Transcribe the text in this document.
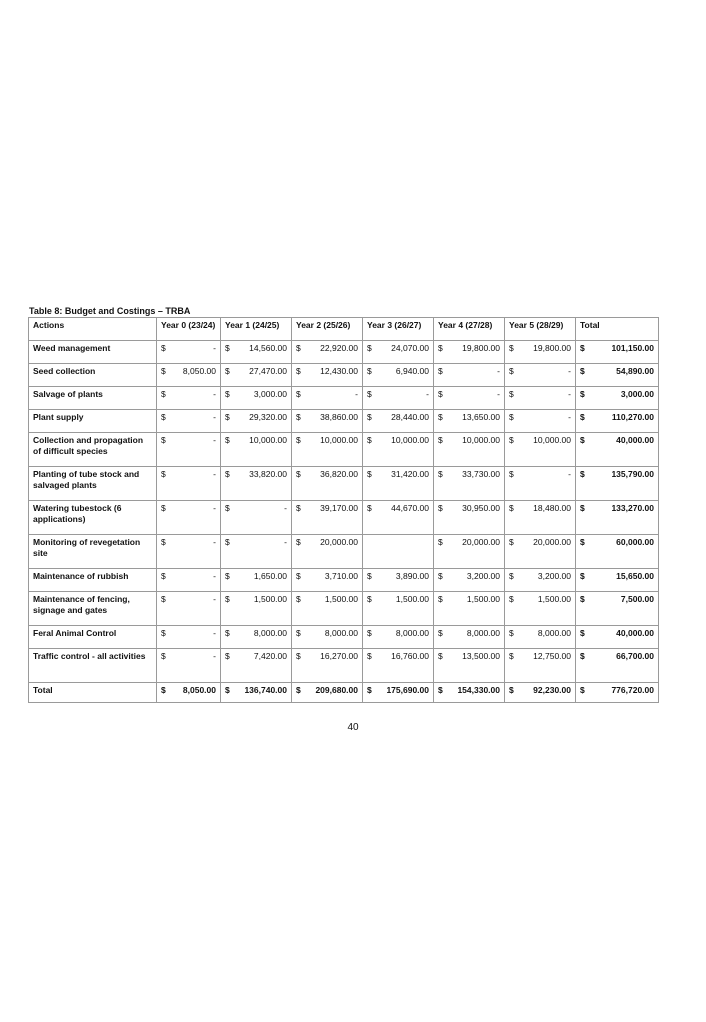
Table 8: Budget and Costings – TRBA
Actions	Year 0 (23/24)	Year 1 (24/25)	Year 2 (25/26)	Year 3 (26/27)	Year 4 (27/28)	Year 5 (28/29)	Total
Weed management	$ -	$ 14,560.00	$ 22,920.00	$ 24,070.00	$ 19,800.00	$ 19,800.00	$ 101,150.00

Seed collection	$ 8,050.00	$ 27,470.00	$ 12,430.00	$ 6,940.00	$ -	$ -	$ 54,890.00

Salvage of plants	$ -	$ 3,000.00	$ -	$ -	$ -	$ -	$ 3,000.00

Plant supply	$ -	$ 29,320.00	$ 38,860.00	$ 28,440.00	$ 13,650.00	$ -	$ 110,270.00

Collection and propagation of difficult species	$ -	$ 10,000.00	$ 10,000.00	$ 10,000.00	$ 10,000.00	$ 10,000.00	$ 40,000.00

Planting of tube stock and salvaged plants	$ -	$ 33,820.00	$ 36,820.00	$ 31,420.00	$ 33,730.00	$ -	$ 135,790.00

Watering tubestock (6 applications)	$ -	$ -	$ 39,170.00	$ 44,670.00	$ 30,950.00	$ 18,480.00	$ 133,270.00

Monitoring of revegetation site	$ -	$ -	$ 20,000.00		$ 20,000.00	$ 20,000.00	$ 60,000.00

Maintenance of rubbish	$ -	$ 1,650.00	$ 3,710.00	$ 3,890.00	$ 3,200.00	$ 3,200.00	$ 15,650.00

Maintenance of fencing, signage and gates	$ -	$ 1,500.00	$ 1,500.00	$ 1,500.00	$ 1,500.00	$ 1,500.00	$ 7,500.00

Feral Animal Control	$ -	$ 8,000.00	$ 8,000.00	$ 8,000.00	$ 8,000.00	$ 8,000.00	$ 40,000.00

Traffic control - all activities	$ -	$ 7,420.00	$ 16,270.00	$ 16,760.00	$ 13,500.00	$ 12,750.00	$ 66,700.00

Total	$ 8,050.00	$ 136,740.00	$ 209,680.00	$ 175,690.00	$ 154,330.00	$ 92,230.00	$ 776,720.00
40
